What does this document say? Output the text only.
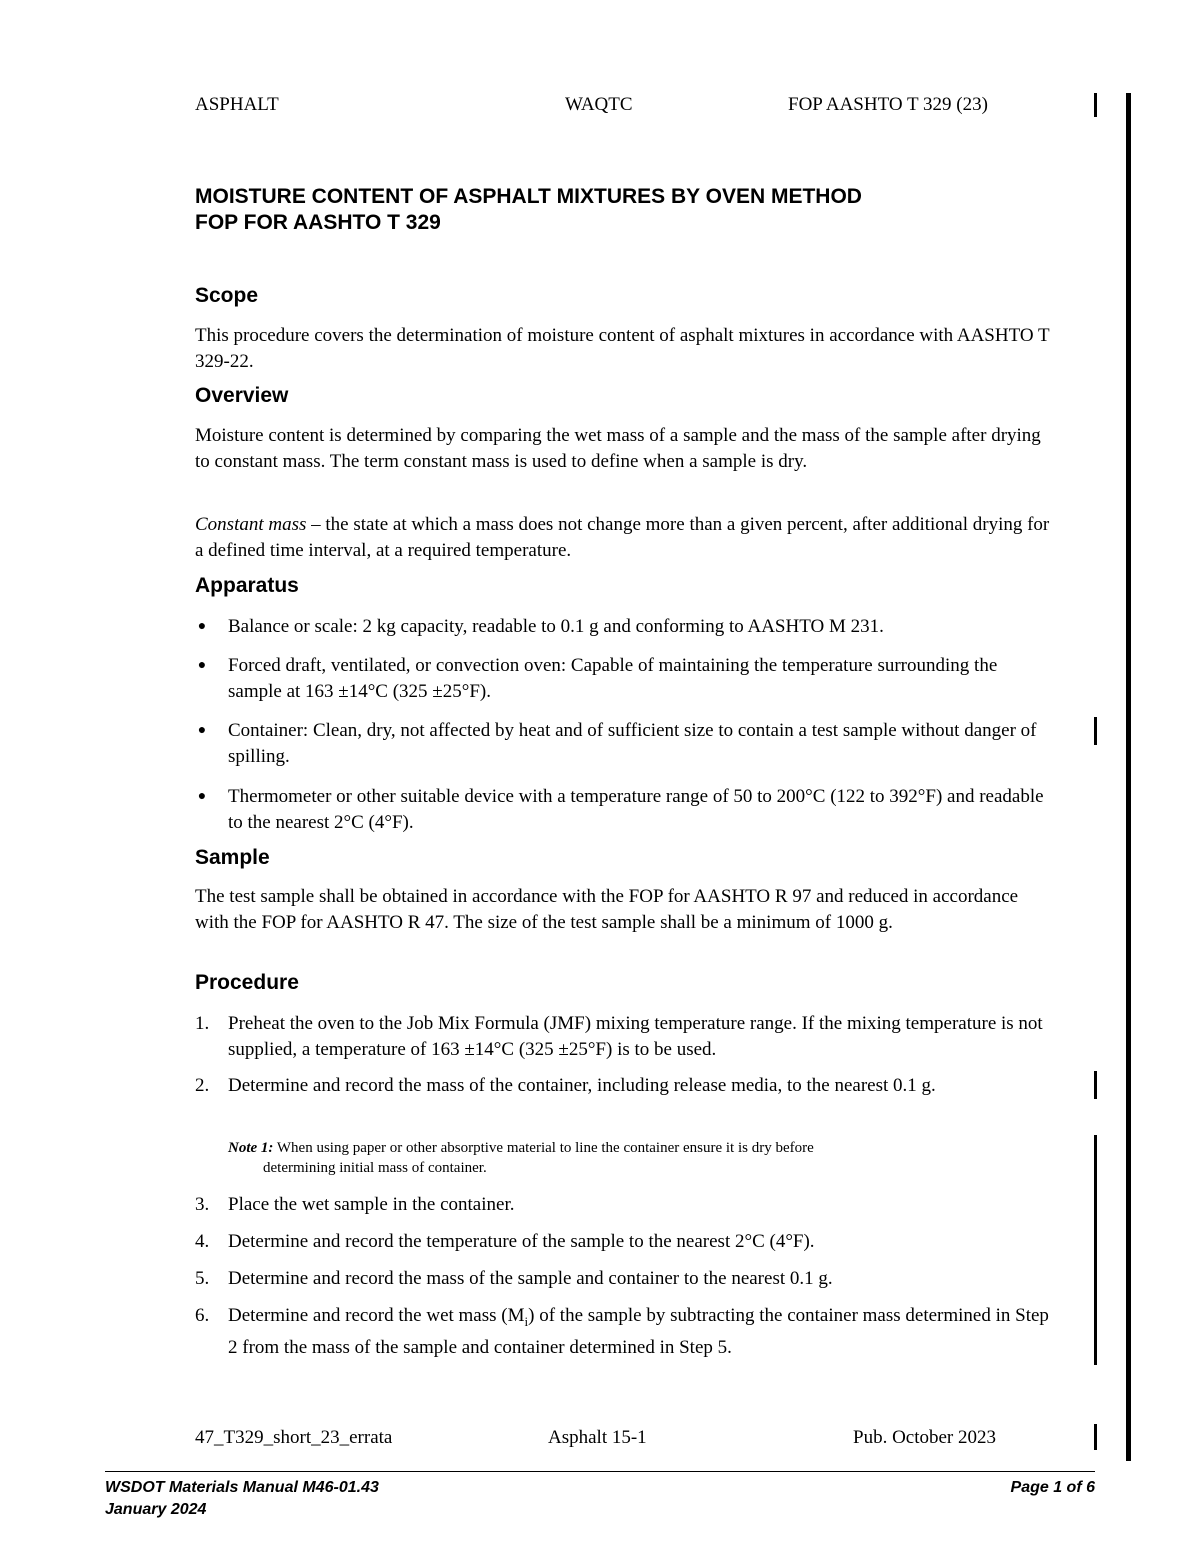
ASPHALT	WAQTC	FOP AASHTO T 329 (23)
MOISTURE CONTENT OF ASPHALT MIXTURES BY OVEN METHOD
FOP FOR AASHTO T 329
Scope

This procedure covers the determination of moisture content of asphalt mixtures in accordance with AASHTO T 329-22.

Overview

Moisture content is determined by comparing the wet mass of a sample and the mass of the sample after drying to constant mass. The term constant mass is used to define when a sample is dry.

Constant mass – the state at which a mass does not change more than a given percent, after additional drying for a defined time interval, at a required temperature.

Apparatus
● Balance or scale: 2 kg capacity, readable to 0.1 g and conforming to AASHTO M 231.
● Forced draft, ventilated, or convection oven: Capable of maintaining the temperature surrounding the sample at 163 ±14°C (325 ±25°F).
● Container: Clean, dry, not affected by heat and of sufficient size to contain a test sample without danger of spilling.
● Thermometer or other suitable device with a temperature range of 50 to 200°C (122 to 392°F) and readable to the nearest 2°C (4°F).
Sample

The test sample shall be obtained in accordance with the FOP for AASHTO R 97 and reduced in accordance with the FOP for AASHTO R 47. The size of the test sample shall be a minimum of 1000 g.

Procedure
1. Preheat the oven to the Job Mix Formula (JMF) mixing temperature range. If the mixing temperature is not supplied, a temperature of 163 ±14°C (325 ±25°F) is to be used.
2. Determine and record the mass of the container, including release media, to the nearest 0.1 g.
Note 1: When using paper or other absorptive material to line the container ensure it is dry before
determining initial mass of container.
3. Place the wet sample in the container.
4. Determine and record the temperature of the sample to the nearest 2°C (4°F).
5. Determine and record the mass of the sample and container to the nearest 0.1 g.
6. Determine and record the wet mass $(M_i)$ of the sample by subtracting the container mass determined in Step 2 from the mass of the sample and container determined in Step 5.
47_T329_short_23_errata	Asphalt 15-1	Pub. October 2023
WSDOT Materials Manual M46-01.43
January 2024
Page 1 of 6
